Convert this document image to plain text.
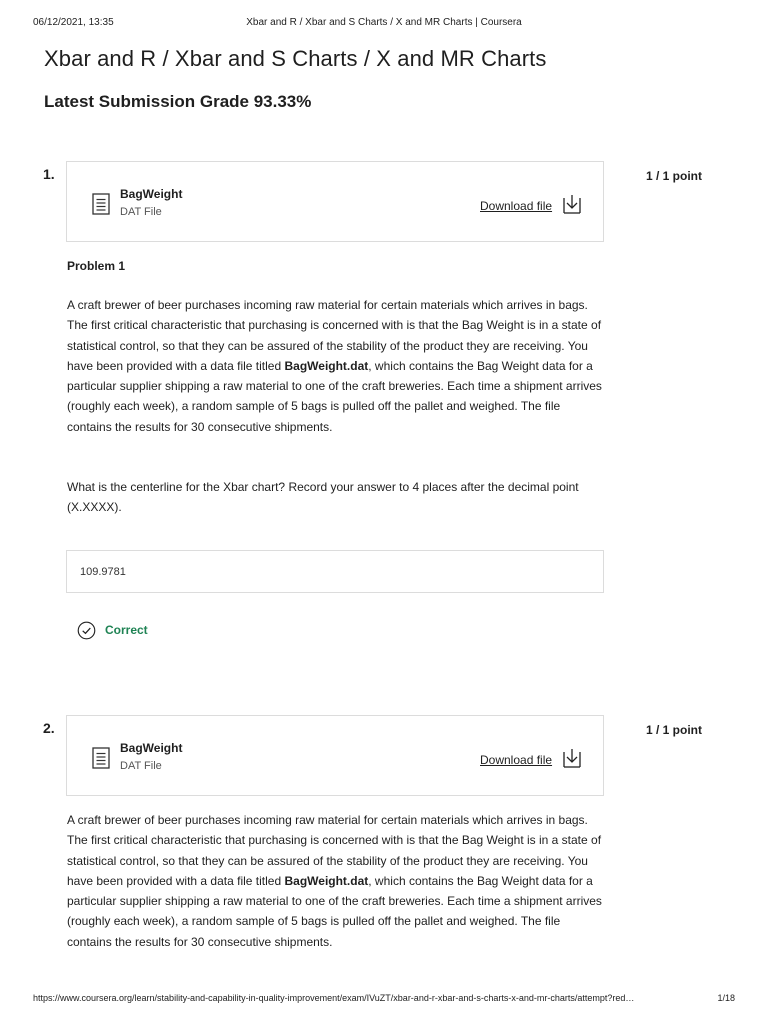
06/12/2021, 13:35	Xbar and R / Xbar and S Charts / X and MR Charts | Coursera
Xbar and R / Xbar and S Charts / X and MR Charts
Latest Submission Grade 93.33%
1.	1 / 1 point
BagWeight
DAT File	Download file

Problem 1

A craft brewer of beer purchases incoming raw material for certain materials which arrives in bags. The first critical characteristic that purchasing is concerned with is that the Bag Weight is in a state of statistical control, so that they can be assured of the stability of the product they are receiving. You have been provided with a data file titled BagWeight.dat, which contains the Bag Weight data for a particular supplier shipping a raw material to one of the craft breweries. Each time a shipment arrives (roughly each week), a random sample of 5 bags is pulled off the pallet and weighed. The file contains the results for 30 consecutive shipments.

What is the centerline for the Xbar chart? Record your answer to 4 places after the decimal point (X.XXXX).

109.9781
Correct
2.	1 / 1 point
BagWeight
DAT File	Download file

A craft brewer of beer purchases incoming raw material for certain materials which arrives in bags. The first critical characteristic that purchasing is concerned with is that the Bag Weight is in a state of statistical control, so that they can be assured of the stability of the product they are receiving. You have been provided with a data file titled BagWeight.dat, which contains the Bag Weight data for a particular supplier shipping a raw material to one of the craft breweries. Each time a shipment arrives (roughly each week), a random sample of 5 bags is pulled off the pallet and weighed. The file contains the results for 30 consecutive shipments.

https://www.coursera.org/learn/stability-and-capability-in-quality-improvement/exam/IVuZT/xbar-and-r-xbar-and-s-charts-x-and-mr-charts/attempt?red…	1/18
